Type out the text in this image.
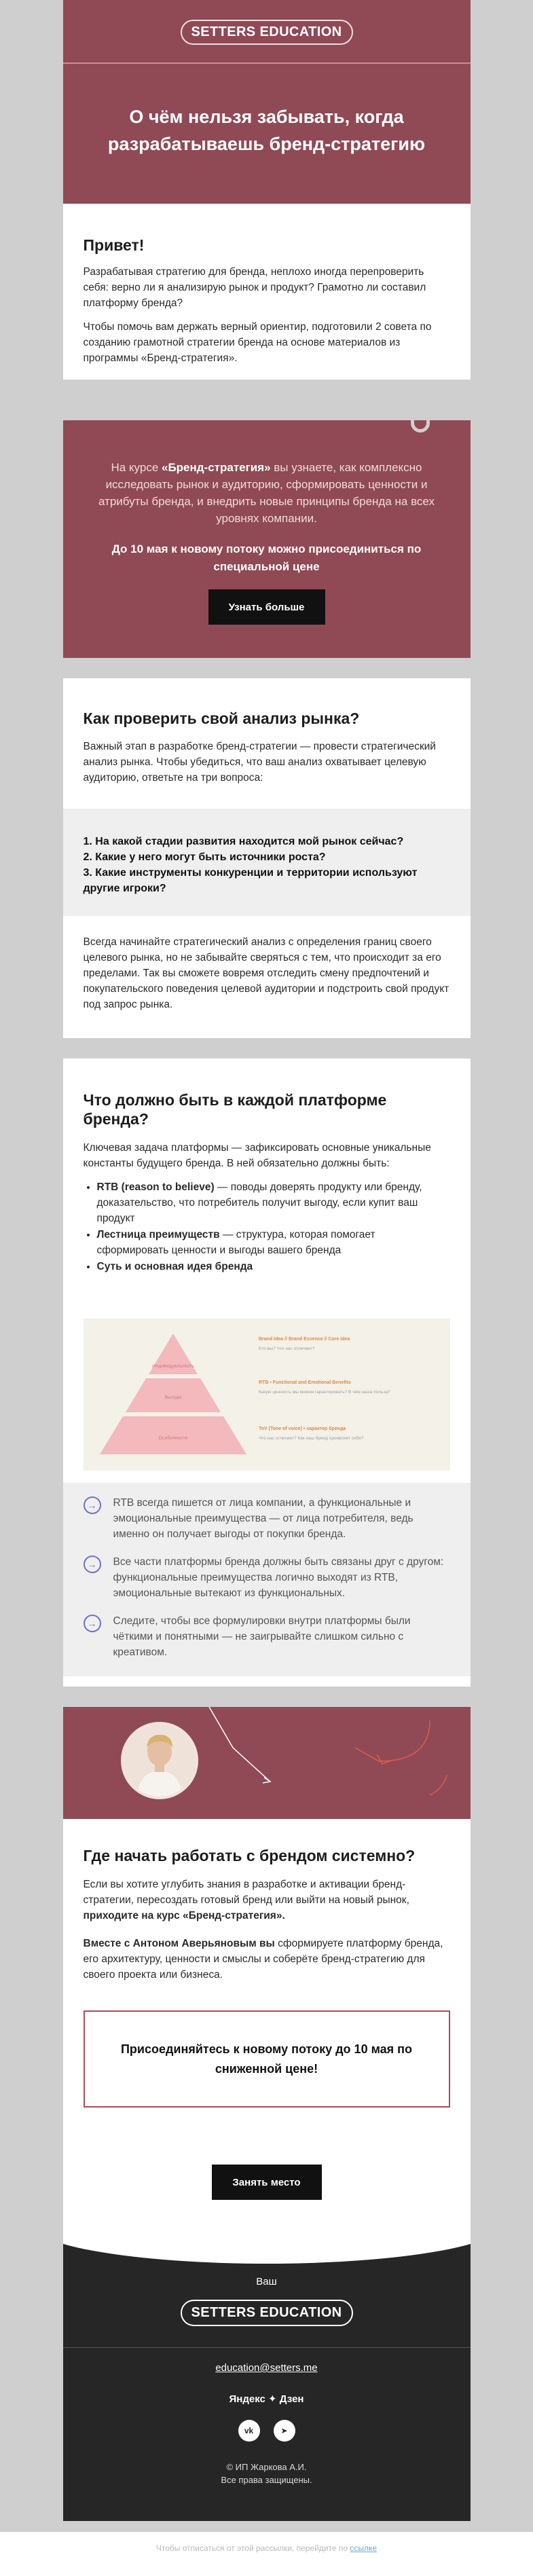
SETTERS EDUCATION
О чём нельзя забывать, когда разрабатываешь бренд-стратегию
Привет!

Разрабатывая стратегию для бренда, неплохо иногда перепроверить себя: верно ли я анализирую рынок и продукт? Грамотно ли составил платформу бренда?

Чтобы помочь вам держать верный ориентир, подготовили 2 совета по созданию грамотной стратегии бренда на основе материалов из программы «Бренд-стратегия».

На курсе «Бренд-стратегия» вы узнаете, как комплексно исследовать рынок и аудиторию, сформировать ценности и атрибуты бренда, и внедрить новые принципы бренда на всех уровнях компании.

До 10 мая к новому потоку можно присоединиться по специальной цене

Узнать больше
Как проверить свой анализ рынка?

Важный этап в разработке бренд-стратегии — провести стратегический анализ рынка. Чтобы убедиться, что ваш анализ охватывает целевую аудиторию, ответьте на три вопроса:

1. На какой стадии развития находится мой рынок сейчас?

2. Какие у него могут быть источники роста?

3. Какие инструменты конкуренции и территории используют другие игроки?

Всегда начинайте стратегический анализ с определения границ своего целевого рынка, но не забывайте сверяться с тем, что происходит за его пределами. Так вы сможете вовремя отследить смену предпочтений и покупательского поведения целевой аудитории и подстроить свой продукт под запрос рынка.

Что должно быть в каждой платформе бренда?

Ключевая задача платформы — зафиксировать основные уникальные константы будущего бренда. В ней обязательно должны быть:

• RTB (reason to believe) — поводы доверять продукту или бренду, доказательство, что потребитель получит выгоду, если купит ваш продукт
• Лестница преимуществ — структура, которая помогает сформировать ценности и выгоды вашего бренда
• Суть и основная идея бренда
Индивидуальность
Выгоды
Особенности
Brand Idea // Brand Essence // Core idea
Кто мы? Что нас отличает?
RTB • Functional and Emotional Benefits
Какую ценность мы можем гарантировать? В чём наша польза?
ToV (Tone of voice) • характер бренда
Что нас отличает? Как наш бренд проявляет себя?
→	RTB всегда пишется от лица компании, а функциональные и эмоциональные преимущества — от лица потребителя, ведь именно он получает выгоды от покупки бренда.

→	Все части платформы бренда должны быть связаны друг с другом: функциональные преимущества логично выходят из RTB, эмоциональные вытекают из функциональных.

→	Следите, чтобы все формулировки внутри платформы были чёткими и понятными — не заигрывайте слишком сильно с креативом.

Где начать работать с брендом системно?

Если вы хотите углубить знания в разработке и активации бренд-стратегии, пересоздать готовый бренд или выйти на новый рынок, приходите на курс «Бренд-стратегия».

Вместе с Антоном Аверьяновым вы сформируете платформу бренда, его архитектуру, ценности и смыслы и соберёте бренд-стратегию для своего проекта или бизнеса.

Присоединяйтесь к новому потоку до 10 мая по сниженной цене!

Занять место
Ваш
SETTERS EDUCATION
education@setters.me
Яндекс ✦ Дзен
vk	➤
© ИП Жаркова А.И.
Все права защищены.
Чтобы отписаться от этой рассылки, перейдите по ссылке
